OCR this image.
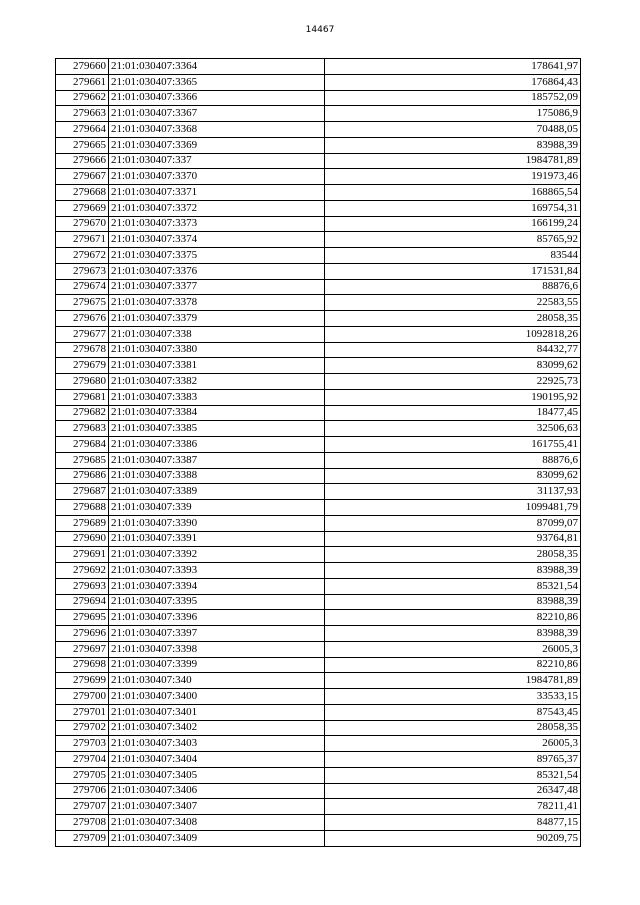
14467
279660	21:01:030407:3364	178641,97
279661	21:01:030407:3365	176864,43
279662	21:01:030407:3366	185752,09
279663	21:01:030407:3367	175086,9
279664	21:01:030407:3368	70488,05
279665	21:01:030407:3369	83988,39
279666	21:01:030407:337	1984781,89
279667	21:01:030407:3370	191973,46
279668	21:01:030407:3371	168865,54
279669	21:01:030407:3372	169754,31
279670	21:01:030407:3373	166199,24
279671	21:01:030407:3374	85765,92
279672	21:01:030407:3375	83544
279673	21:01:030407:3376	171531,84
279674	21:01:030407:3377	88876,6
279675	21:01:030407:3378	22583,55
279676	21:01:030407:3379	28058,35
279677	21:01:030407:338	1092818,26
279678	21:01:030407:3380	84432,77
279679	21:01:030407:3381	83099,62
279680	21:01:030407:3382	22925,73
279681	21:01:030407:3383	190195,92
279682	21:01:030407:3384	18477,45
279683	21:01:030407:3385	32506,63
279684	21:01:030407:3386	161755,41
279685	21:01:030407:3387	88876,6
279686	21:01:030407:3388	83099,62
279687	21:01:030407:3389	31137,93
279688	21:01:030407:339	1099481,79
279689	21:01:030407:3390	87099,07
279690	21:01:030407:3391	93764,81
279691	21:01:030407:3392	28058,35
279692	21:01:030407:3393	83988,39
279693	21:01:030407:3394	85321,54
279694	21:01:030407:3395	83988,39
279695	21:01:030407:3396	82210,86
279696	21:01:030407:3397	83988,39
279697	21:01:030407:3398	26005,3
279698	21:01:030407:3399	82210,86
279699	21:01:030407:340	1984781,89
279700	21:01:030407:3400	33533,15
279701	21:01:030407:3401	87543,45
279702	21:01:030407:3402	28058,35
279703	21:01:030407:3403	26005,3
279704	21:01:030407:3404	89765,37
279705	21:01:030407:3405	85321,54
279706	21:01:030407:3406	26347,48
279707	21:01:030407:3407	78211,41
279708	21:01:030407:3408	84877,15
279709	21:01:030407:3409	90209,75
